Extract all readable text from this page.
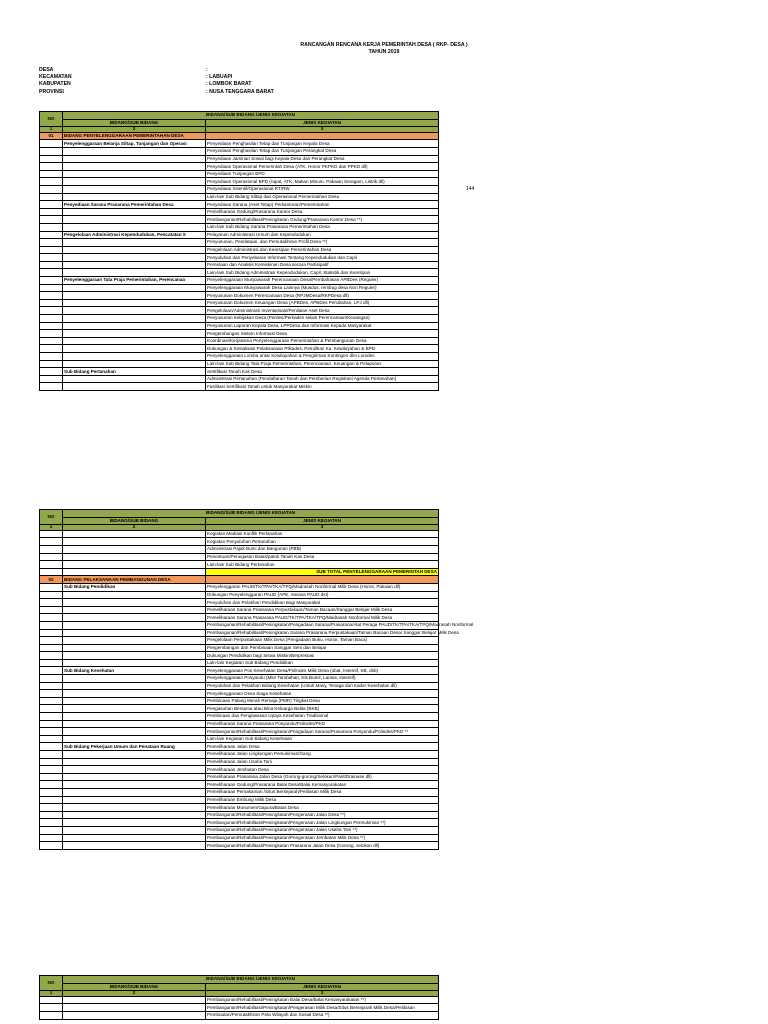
RANCANGAN RENCANA KERJA PEMERINTAH DESA ( RKP- DESA )
TAHUN 2019
DESA	:
KECAMATAN	: LABUAPI
KABUPATEN	: LOMBOK BARAT
PROVINSI	: NUSA TENGGARA BARAT
144
NO	BIDANG/SUB BIDANG /JENIS KEGIATAN	
	BIDANG/SUB BIDANG	JENIS KEGIATAN
1	2	3
01	BIDANG PENYELENGGARAAN PEMERINTAHAN DESA	
	Penyelenggaraan Belanja Siltap, Tunjangan dan Operasi	Penyediaan Penghasilan Tetap dan Tunjangan Kepala Desa
		Penyediaan Penghasilan Tetap dan Tunjangan Perangkat Desa
		Penyediaan Jaminan Sosial bagi Kepala Desa dan Perangkat Desa
		Penyediaan Operasional Pemerintah Desa (ATK, Honor PKPKD dan PPKD dll)
		Penyediaan Tunjangan BPD
		Penyediaan Operasional BPD (rapat, ATK, Makan Minum, Pakaian Seragam, Listrik dll)
		Penyediaan Insentif/Operasional RT/RW
		Lain-lain Sub Bidang Siltap dan Operasional Pemerintahan Desa
	Penyediaan Sarana Prasarana Pemerintahan Desa	Penyediaan Sarana (Aset Tetap) Perkantoran/Pemerintahan
		Pemeliharaan Gedung/Prasarana Kantor Desa
		Pembangunan/Rehabilitasi/Peningkatan Gedung/Prasarana Kantor Desa **)
		Lain-lain Sub Bidang Sarana Prasarana Pemerintahan Desa
	Pengelolaan Administrasi Kependudukan, Pencatatan S	Pelayanan Administrasi Umum dan Kependudukan
		Penyusunan, Pendataan, dan Pemutakhiran Profil Desa **)
		Pengelolaan Administrasi dan Kearsipan Pemerintahan Desa
		Penyuluhan dan Penyebaran Informasi Tentang Kependudukan dan Capil
		Pemetaan dan Analisis Kemiskinan Desa secara Partisipatif
		Lain-lain Sub Bidang Administrasi Kependudukan, Capil, Statistik dan Kearsipan
	Penyelenggaraan Tata Praja Pemerintahan, Perencanaa	Penyelenggaraan Musyawarah Perencanaan Desa/Pembahasan APBDes (Reguler)
		Penyelenggaraan Musyawarah Desa Lainnya (Musdus, rembug desa Non Reguler)
		Penyusunan Dokumen Perencanaan Desa (RPJMDesa/RKPDesa dll)
		Penyusunan Dokumen Keuangan Desa (APBDes, APBDes Perubahan, LPJ dll)
		Pengelolaan/Administrasi/ Inventarisasi/Penilaian Aset Desa
		Penyusunan Kebijakan Desa (Perdes/Perkades selain Perencanaan/Keuangan)
		Penyusunan Laporan Kepala Desa, LPPDesa dan Informasi Kepada Masyarakat
		Pengembangan Sistem Informasi Desa
		Koordinasi/Kerjasama Penyelenggaraan Pemerintahan & Pembangunan Desa
		Dukungan & Sosialisasi Pelaksanaan Pilkades, Pemilihan Ka. Kewilayahan & BPD
		Penyelenggaraan Lomba antar Kewilayahan & Pengiriman Kontingen dlm Lomdes
		Lain-lain Sub Bidang Tata Praja Pemerintahan, Perencanaan, Keuangan & Pelaporan
	Sub Bidang Pertanahan	Sertifikasi Tanah Kas Desa
		Administrasi Pertanahan (Pendaftaran Tanah dan Pemberian Registrasi Agenda Pertanahan)
		Fasilitasi Sertifikasi Tanah untuk Masyarakat Miskin
NO	BIDANG/SUB BIDANG /JENIS KEGIATAN	
	BIDANG/SUB BIDANG	JENIS KEGIATAN
1	2	3
		Kegiatan Mediasi Konflik Pertanahan
		Kegiatan Penyuluhan Pertanahan
		Administrasi Pajak Bumi dan Bangunan (PBB)
		Penentuan/Penegasan Batas/patok Tanah Kas Desa
		Lain-lain Sub Bidang Pertanahan
		SUB TOTAL PENYELENGGARAAN PEMERINTAH DESA
02	BIDANG PELAKSANAAN PEMBANGUNAN DESA	
	Sub Bidang Pendidikan	Penyelenggaran PAUD/TK/TPA/TKA/TPQ/Madrasah Nonformal Milik Desa (Honor, Pakaian dll)
		Dukungan Penyelenggaran PAUD (APE, Sarana PAUD dst)
		Penyuluhan dan Pelatihan Pendidikan Bagi Masyarakat
		Pemeliharaan Sarana Prasarana Perpustakaan/Taman Bacaan/Sanggar Belajar Milik Desa
		Pemeliharaan Sarana Prasarana PAUD/TK/TPA/TKA/TPQ/Madrasah Nonformal Milik Desa
		Pembangunan/Rehabilitasi/Peningkatan/Pengadaan Sarana/Prasarana/Alat Peraga PAUD/TK/TPA/TKA/TPQ/Madrasah Nonformal
		Pembangunan/Rehabilitasi/Peningkatan Sarana Prasarana Perpustakaan/Taman Bacaan Desa/ Sanggar Belajar Milik Desa
		Pengelolaan Perpustakaan Milik Desa (Pengadaan Buku, Honor, Taman Baca)
		Pengembangan dan Pembinaan Sanggar Seni dan Belajar
		Dukungan Pendidikan bagi Siswa Miskin/Berprestasi
		Lain-lain Kegiatan Sub Bidang Pendidikan
	Sub Bidang Kesehatan	Penyelenggaraan Pos Kesehatan Desa/Polindes Milik Desa (obat, Insentif, KB, dsb)
		Penyelenggaraan Posyandu (Mkn Tambahan, Kls Bumil, Lansia, Insentif)
		Penyuluhan dan Pelatihan Bidang Kesehatan (Untuk Masy, Tenaga dan Kader Kesehatan dll)
		Penyelenggaraan Desa Siaga Kesehatan
		Pembinaan Palang Merah Remaja (PMR) Tingkat Desa
		Pengasuhan Bersama atau Bina Keluarga Balita (BKB)
		Pembinaan dan Pengawasan Upaya Kesehatan Tradisional
		Pemeliharaan Sarana Prasarana Posyandu/Polindes/PKD
		Pembangunan/Rehabilitasi/Peningkatan/Pengadaan Sarana/Prasarana Posyandu/Polindes/PKD **
		Lain-lain Kegiatan Sub Bidang Kesehatan
	Sub Bidang Pekerjaan Umum dan Penataan Ruang	Pemeliharaan Jalan Desa
		Pemeliharaan Jalan Lingkungan Pemukiman/Gang
		Pemeliharaan Jalan Usaha Tani
		Pemeliharaan Jembatan Desa
		Pemeliharaan Prasarana Jalan Desa (Gorong-gorong/Selokan/Parit/Drainase dll)
		Pemeliharaan Gedung/Prasarana Balai Desa/Balai Kemasyarakatan
		Pemeliharaan Pemakaman /Situs Bersejarah/Petilasan Milik Desa
		Pemeliharaan Embung Milik Desa
		Pemeliharaan Monumen/Gapura/Batas Desa
		Pembangunan/Rehabilitasi/Peningkatan/Pengerasan Jalan Desa **)
		Pembangunan/Rehabilitasi/Peningkatan/Pengerasan Jalan Lingkungan Permukiman **)
		Pembangunan/Rehabilitasi/Peningkatan/Pengerasan Jalan Usaha Tani **)
		Pembangunan/Rehabilitasi/Peningkatan/Pengerasan Jembatan Milik Desa **)
		Pembangunan/Rehabilitasi/Peningkatan Prasarana Jalan Desa (Gorong, selokan dll)
NO	BIDANG/SUB BIDANG /JENIS KEGIATAN	
	BIDANG/SUB BIDANG	JENIS KEGIATAN
1	2	3
		Pembangunan/Rehabilitasi/Peningkatan Balai Desa/Balai Kemasyarakatan **)
		Pembangunan/Rehabilitasi/Peningkatan/Pengerasan Milik Desa/Situs Bersejarah Milik Desa/Petilasan
		Pembuatan/Pemutakhiran Peta Wilayah dan Sosial Desa **)
